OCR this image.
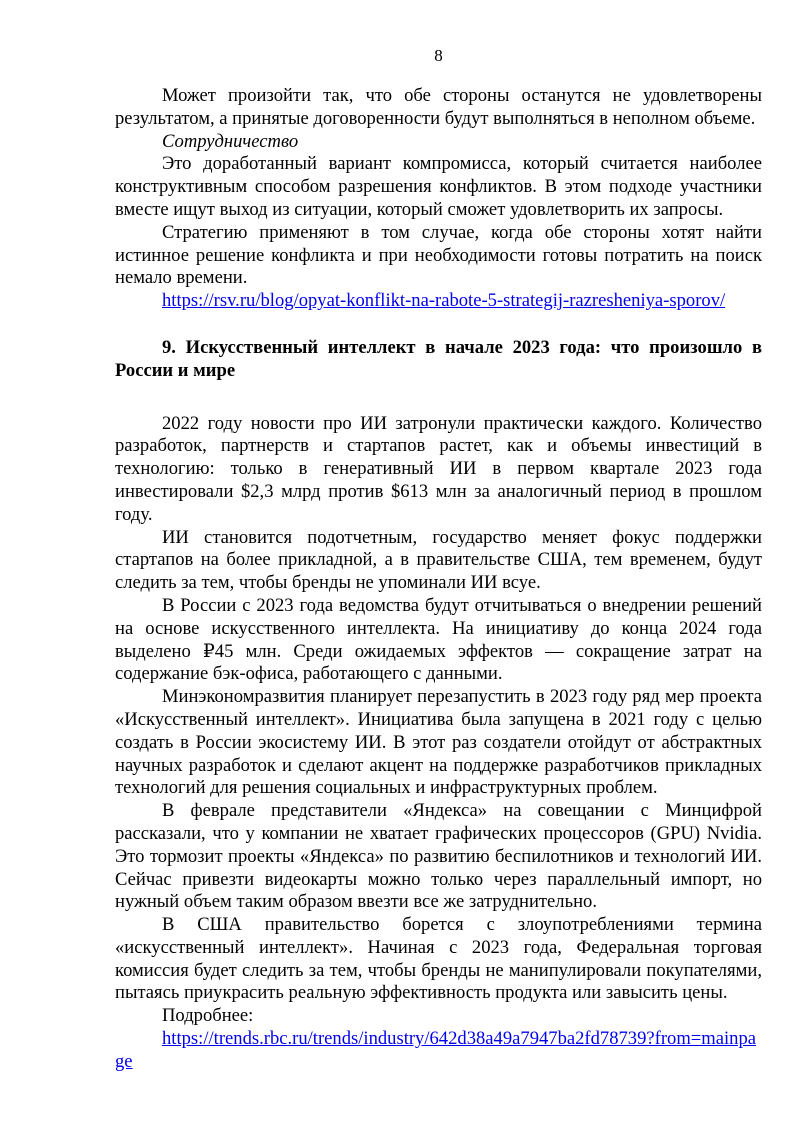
8

Может произойти так, что обе стороны останутся не удовлетворены результатом, а принятые договоренности будут выполняться в неполном объеме.

Сотрудничество

Это доработанный вариант компромисса, который считается наиболее конструктивным способом разрешения конфликтов. В этом подходе участники вместе ищут выход из ситуации, который сможет удовлетворить их запросы.

Стратегию применяют в том случае, когда обе стороны хотят найти истинное решение конфликта и при необходимости готовы потратить на поиск немало времени.

https://rsv.ru/blog/opyat-konflikt-na-rabote-5-strategij-razresheniya-sporov/

9. Искусственный интеллект в начале 2023 года: что произошло в России и мире

2022 году новости про ИИ затронули практически каждого. Количество разработок, партнерств и стартапов растет, как и объемы инвестиций в технологию: только в генеративный ИИ в первом квартале 2023 года инвестировали $2,3 млрд против $613 млн за аналогичный период в прошлом году.

ИИ становится подотчетным, государство меняет фокус поддержки стартапов на более прикладной, а в правительстве США, тем временем, будут следить за тем, чтобы бренды не упоминали ИИ всуе.

В России с 2023 года ведомства будут отчитываться о внедрении решений на основе искусственного интеллекта. На инициативу до конца 2024 года выделено ₽45 млн. Среди ожидаемых эффектов — сокращение затрат на содержание бэк-офиса, работающего с данными.

Минэкономразвития планирует перезапустить в 2023 году ряд мер проекта «Искусственный интеллект». Инициатива была запущена в 2021 году с целью создать в России экосистему ИИ. В этот раз создатели отойдут от абстрактных научных разработок и сделают акцент на поддержке разработчиков прикладных технологий для решения социальных и инфраструктурных проблем.

В феврале представители «Яндекса» на совещании с Минцифрой рассказали, что у компании не хватает графических процессоров (GPU) Nvidia. Это тормозит проекты «Яндекса» по развитию беспилотников и технологий ИИ. Сейчас привезти видеокарты можно только через параллельный импорт, но нужный объем таким образом ввезти все же затруднительно.

В США правительство борется с злоупотреблениями термина «искусственный интеллект». Начиная с 2023 года, Федеральная торговая комиссия будет следить за тем, чтобы бренды не манипулировали покупателями, пытаясь приукрасить реальную эффективность продукта или завысить цены.

Подробнее:

https://trends.rbc.ru/trends/industry/642d38a49a7947ba2fd78739?from=mainpage
